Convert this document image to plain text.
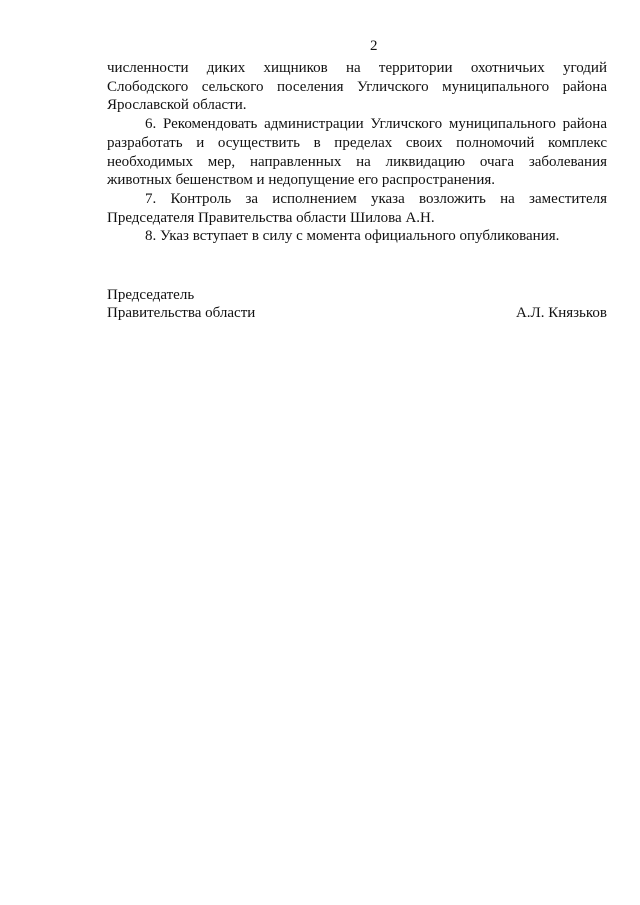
2
численности диких хищников на территории охотничьих угодий
Слободского сельского поселения Угличского муниципального района
Ярославской области.
6. Рекомендовать администрации Угличского муниципального района
разработать и осуществить в пределах своих полномочий комплекс
необходимых мер, направленных на ликвидацию очага заболевания
животных бешенством и недопущение его распространения.
7. Контроль за исполнением указа возложить на заместителя
Председателя Правительства области Шилова А.Н.
8. Указ вступает в силу с момента официального опубликования.
Председатель
Правительства области	А.Л. Князьков
